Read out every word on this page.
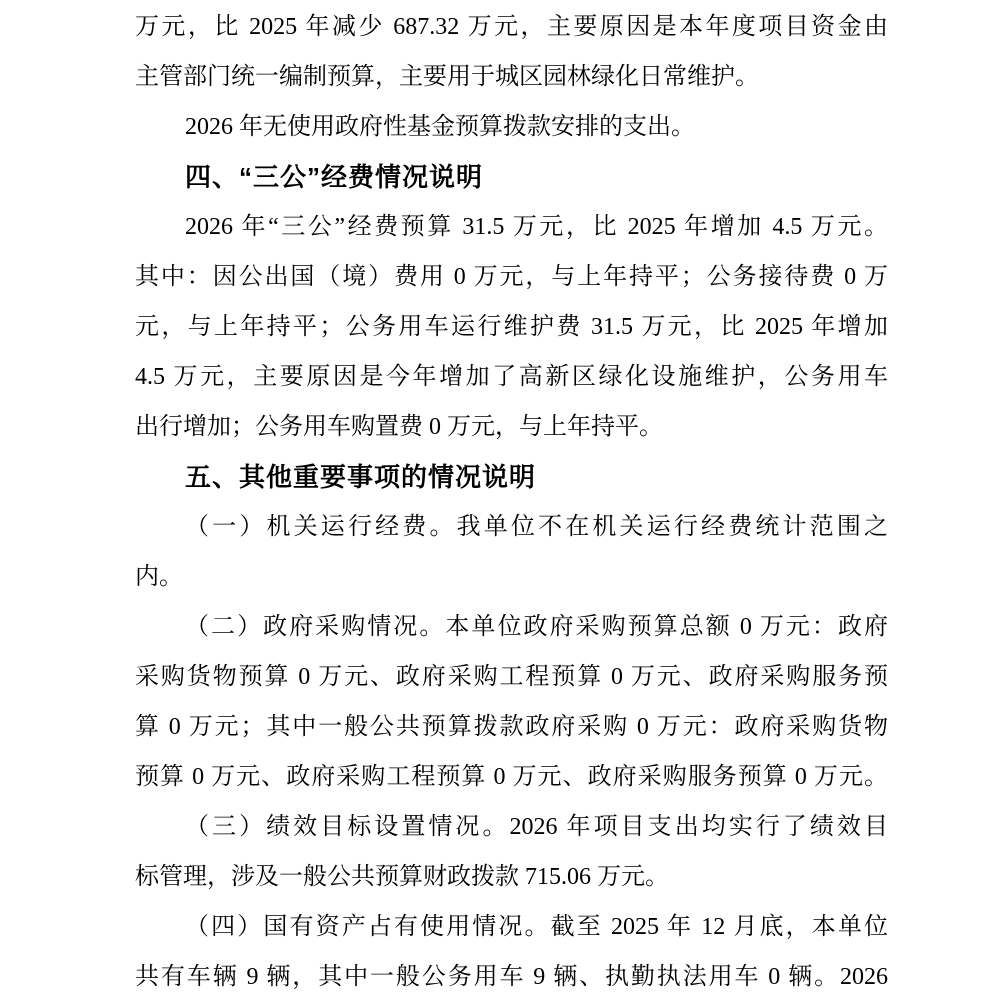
万元，比 2025 年减少 687.32 万元，主要原因是本年度项目资金由
主管部门统一编制预算，主要用于城区园林绿化日常维护。
2026 年无使用政府性基金预算拨款安排的支出。
四、“三公”经费情况说明
2026 年“三公”经费预算 31.5 万元，比 2025 年增加 4.5 万元。
其中：因公出国（境）费用 0 万元，与上年持平；公务接待费 0 万
元，与上年持平；公务用车运行维护费 31.5 万元，比 2025 年增加
4.5 万元，主要原因是今年增加了高新区绿化设施维护，公务用车
出行增加；公务用车购置费 0 万元，与上年持平。
五、其他重要事项的情况说明
（一）机关运行经费。我单位不在机关运行经费统计范围之
内。
（二）政府采购情况。本单位政府采购预算总额 0 万元：政府
采购货物预算 0 万元、政府采购工程预算 0 万元、政府采购服务预
算 0 万元；其中一般公共预算拨款政府采购 0 万元：政府采购货物
预算 0 万元、政府采购工程预算 0 万元、政府采购服务预算 0 万元。
（三）绩效目标设置情况。2026 年项目支出均实行了绩效目
标管理，涉及一般公共预算财政拨款 715.06 万元。
（四）国有资产占有使用情况。截至 2025 年 12 月底，本单位
共有车辆 9 辆，其中一般公务用车 9 辆、执勤执法用车 0 辆。2026
